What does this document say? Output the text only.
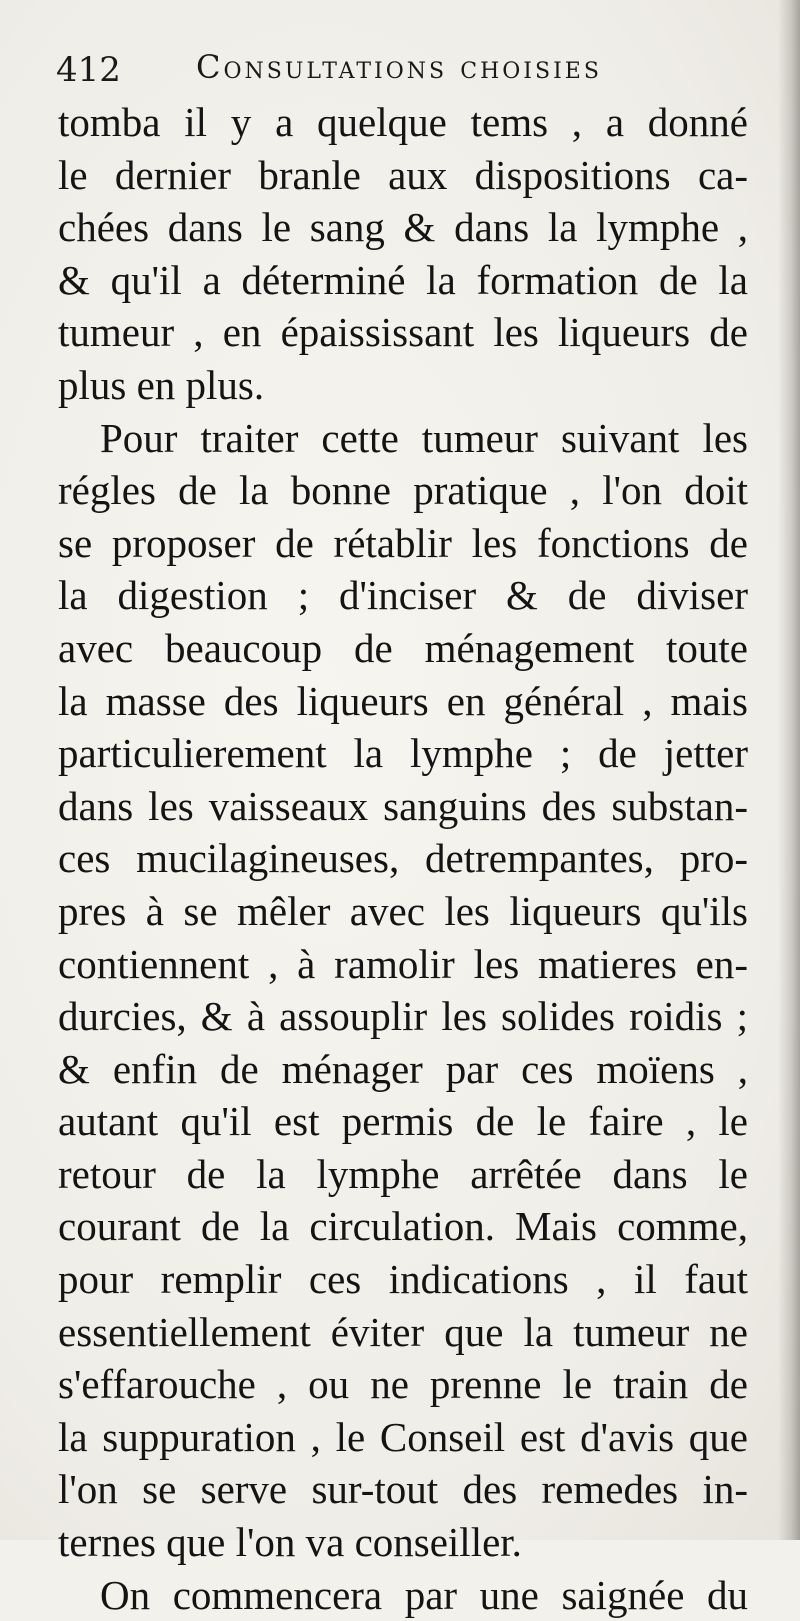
412 Consultations choisies
tomba il y a quelque tems , a donné
le dernier branle aux dispositions ca-
chées dans le sang & dans la lymphe ,
& qu'il a déterminé la formation de la
tumeur , en épaississant les liqueurs de
plus en plus.
Pour traiter cette tumeur suivant les
régles de la bonne pratique , l'on doit
se proposer de rétablir les fonctions de
la digestion ; d'inciser & de diviser
avec beaucoup de ménagement toute
la masse des liqueurs en général , mais
particulierement la lymphe ; de jetter
dans les vaisseaux sanguins des substan-
ces mucilagineuses, detrempantes, pro-
pres à se mêler avec les liqueurs qu'ils
contiennent , à ramolir les matieres en-
durcies, & à assouplir les solides roidis ;
& enfin de ménager par ces moïens ,
autant qu'il est permis de le faire , le
retour de la lymphe arrêtée dans le
courant de la circulation. Mais comme,
pour remplir ces indications , il faut
essentiellement éviter que la tumeur ne
s'effarouche , ou ne prenne le train de
la suppuration , le Conseil est d'avis que
l'on se serve sur-tout des remedes in-
ternes que l'on va conseiller.
On commencera par une saignée du
